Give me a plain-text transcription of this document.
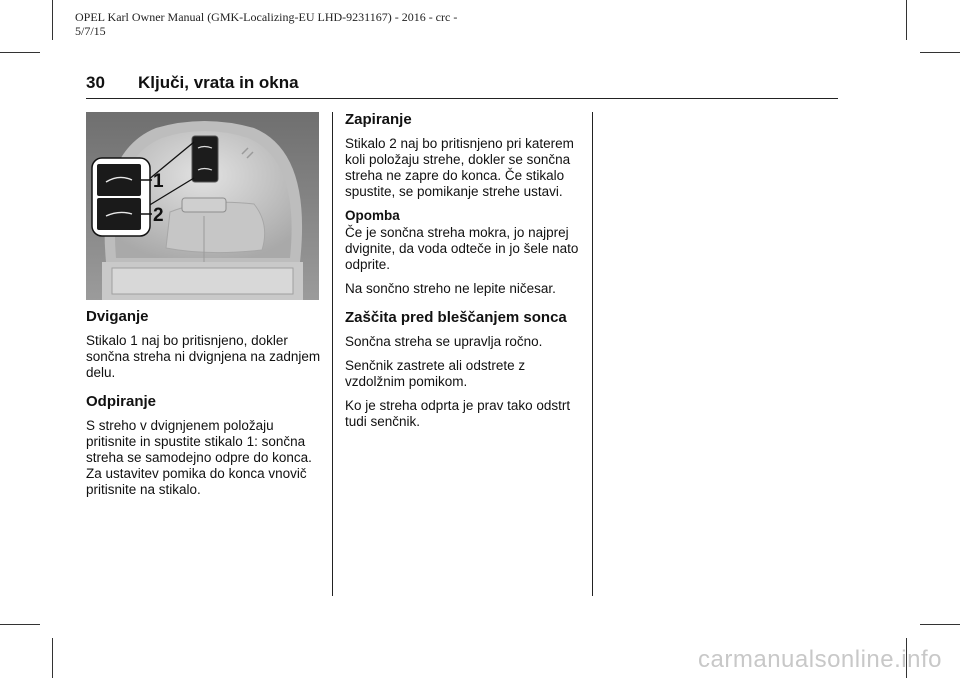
OPEL Karl Owner Manual (GMK-Localizing-EU LHD-9231167) - 2016 - crc -
5/7/15
30 Ključi, vrata in okna
1
2
Dviganje

Stikalo 1 naj bo pritisnjeno, dokler sončna streha ni dvignjena na zadnjem delu.

Odpiranje

S streho v dvignjenem položaju pritisnite in spustite stikalo 1: sončna streha se samodejno odpre do konca. Za ustavitev pomika do konca vnovič pritisnite na stikalo.

Zapiranje

Stikalo 2 naj bo pritisnjeno pri katerem koli položaju strehe, dokler se sončna streha ne zapre do konca. Če stikalo spustite, se pomikanje strehe ustavi.

Opomba

Če je sončna streha mokra, jo najprej dvignite, da voda odteče in jo šele nato odprite.

Na sončno streho ne lepite ničesar.

Zaščita pred bleščanjem sonca

Sončna streha se upravlja ročno.

Senčnik zastrete ali odstrete z vzdolžnim pomikom.

Ko je streha odprta je prav tako odstrt tudi senčnik.

carmanualsonline.info
